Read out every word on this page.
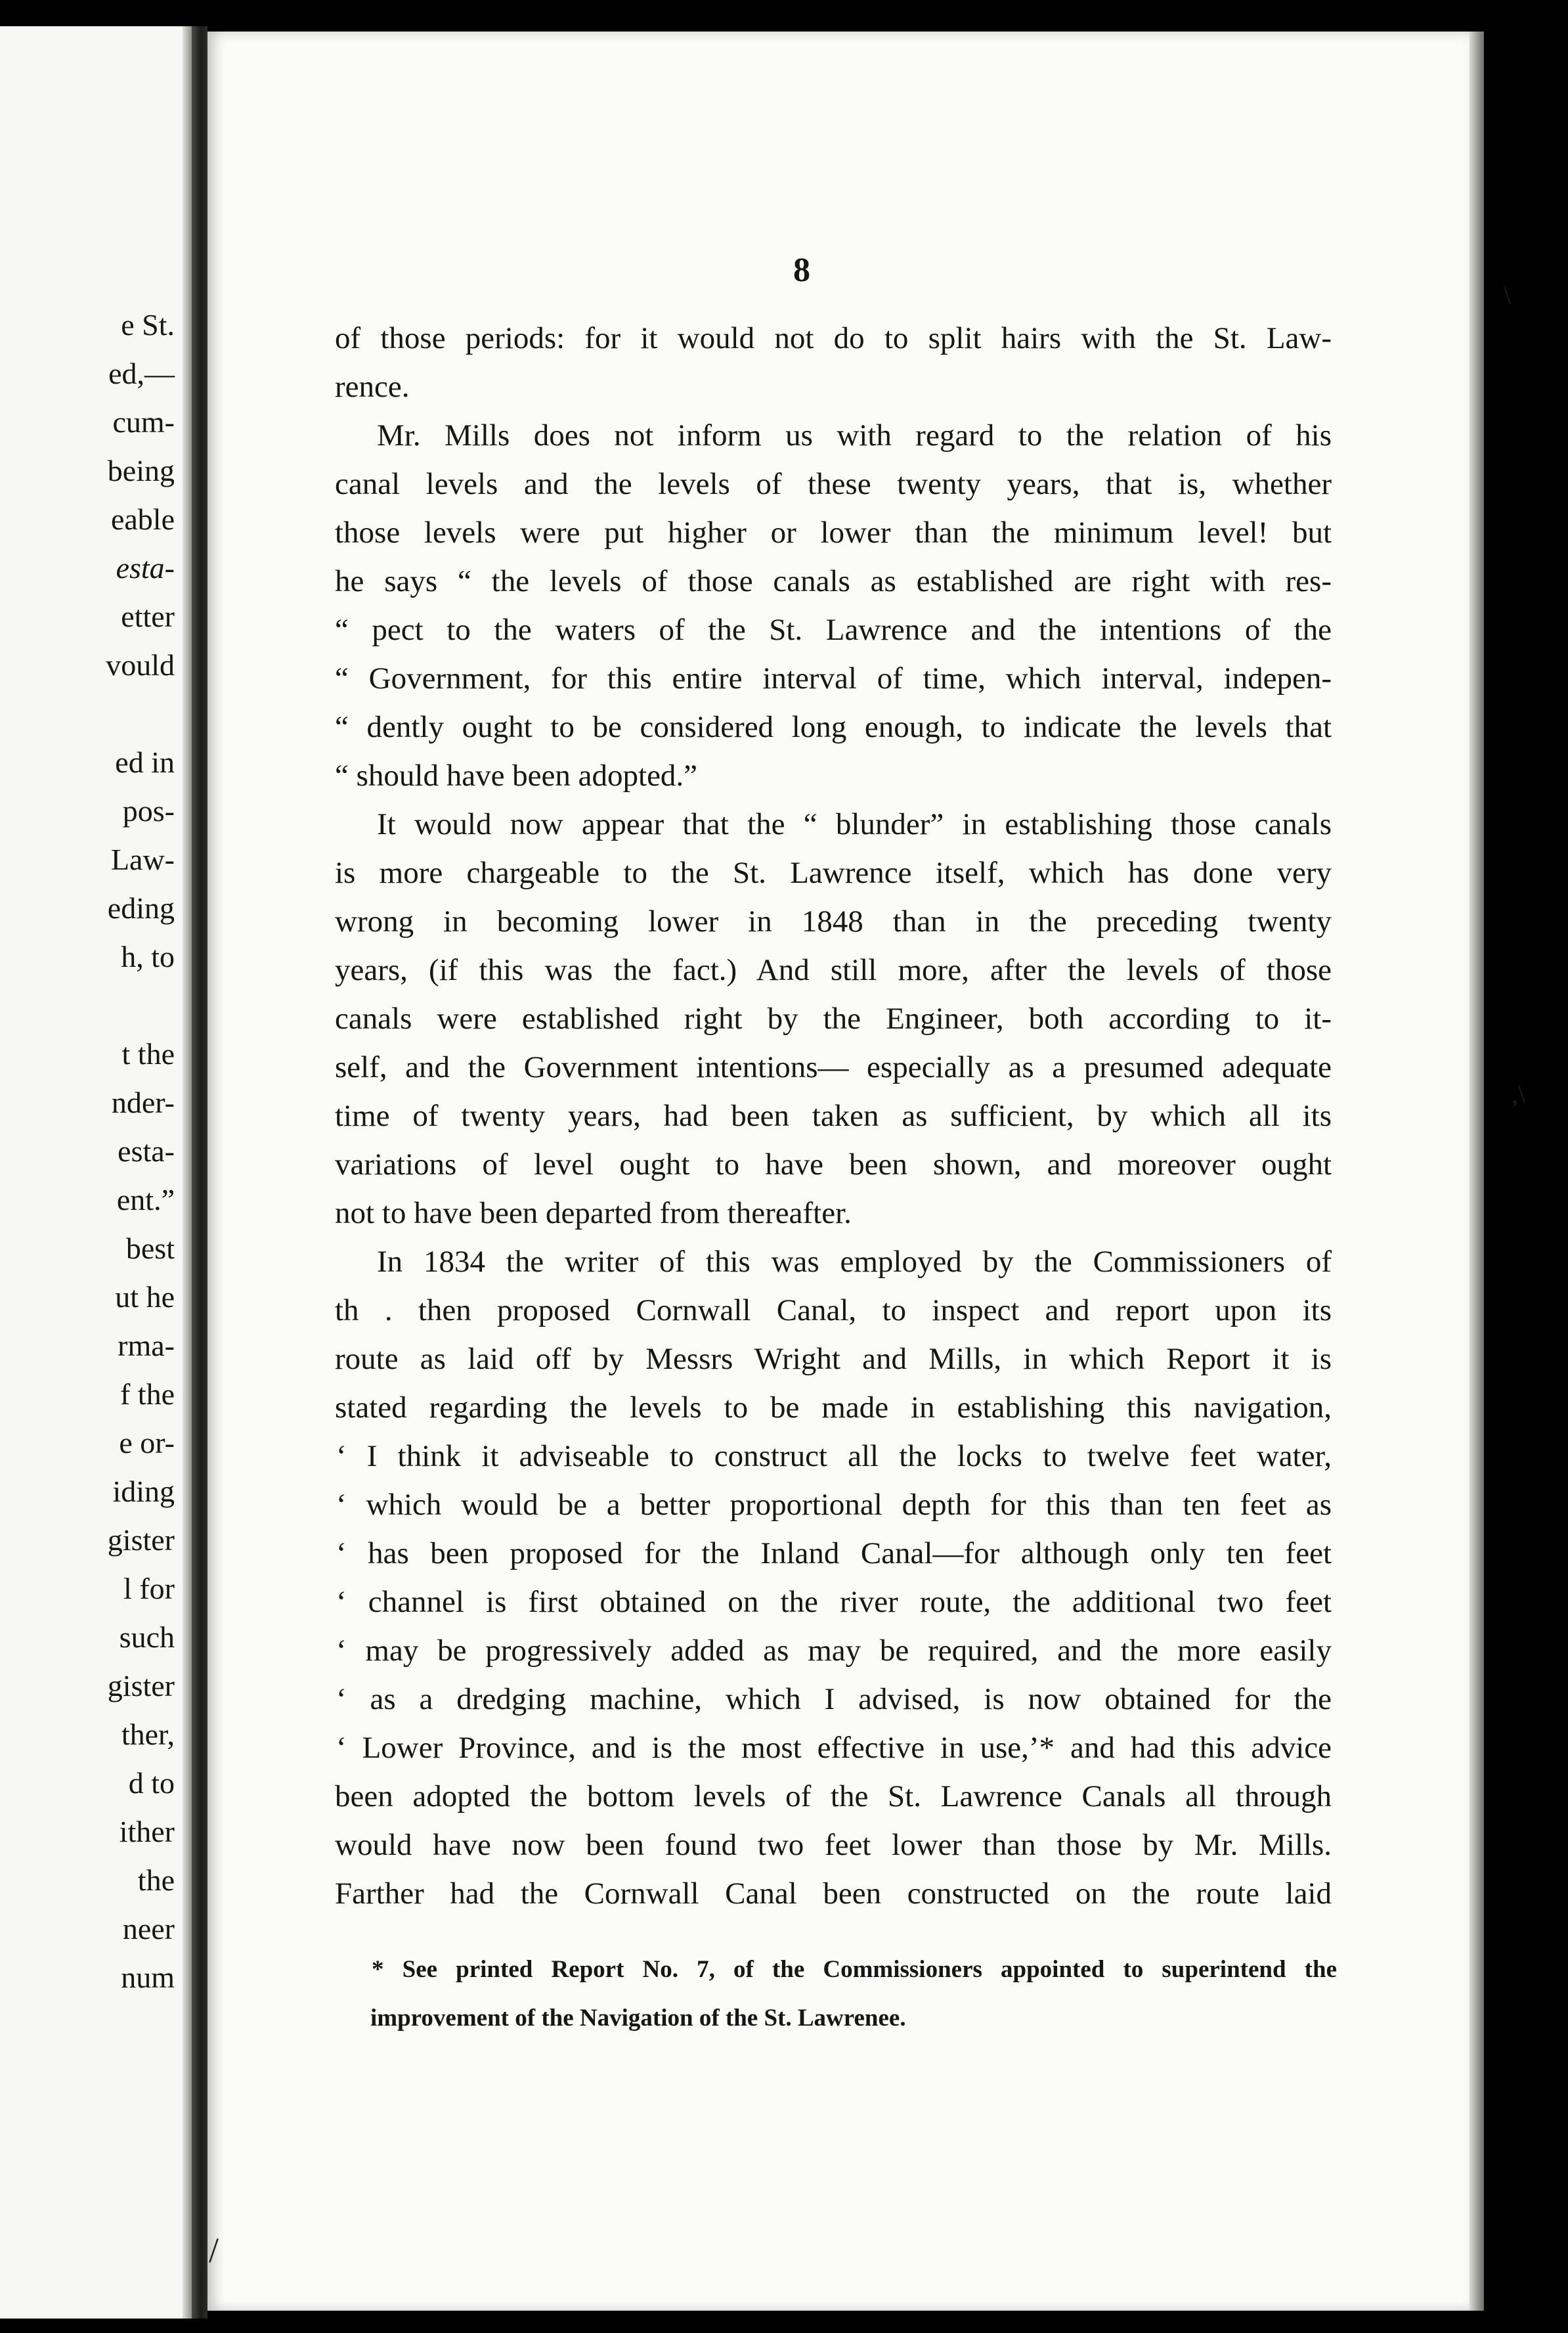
e St.
ed,—
cum-
being
eable
esta-
etter
vould
ed in
pos-
Law-
eding
h, to
t the
nder-
esta-
ent.”
best
ut he
rma-
f the
e or-
iding
gister
l for
such
gister
ther,
d to
ither
the
neer
num

8

of those periods: for it would not do to split hairs with the St. Law-
rence.
Mr. Mills does not inform us with regard to the relation of his
canal levels and the levels of these twenty years, that is, whether
those levels were put higher or lower than the minimum level! but
he says “ the levels of those canals as established are right with res-
“ pect to the waters of the St. Lawrence and the intentions of the
“ Government, for this entire interval of time, which interval, indepen-
“ dently ought to be considered long enough, to indicate the levels that
“ should have been adopted.”
It would now appear that the “ blunder” in establishing those canals
is more chargeable to the St. Lawrence itself, which has done very
wrong in becoming lower in 1848 than in the preceding twenty
years, (if this was the fact.) And still more, after the levels of those
canals were established right by the Engineer, both according to it-
self, and the Government intentions— especially as a presumed adequate
time of twenty years, had been taken as sufficient, by which all its
variations of level ought to have been shown, and moreover ought
not to have been departed from thereafter.
In 1834 the writer of this was employed by the Commissioners of
th . then proposed Cornwall Canal, to inspect and report upon its
route as laid off by Messrs Wright and Mills, in which Report it is
stated regarding the levels to be made in establishing this navigation,
‘ I think it adviseable to construct all the locks to twelve feet water,
‘ which would be a better proportional depth for this than ten feet as
‘ has been proposed for the Inland Canal—for although only ten feet
‘ channel is first obtained on the river route, the additional two feet
‘ may be progressively added as may be required, and the more easily
‘ as a dredging machine, which I advised, is now obtained for the
‘ Lower Province, and is the most effective in use,’* and had this advice
been adopted the bottom levels of the St. Lawrence Canals all through
would have now been found two feet lower than those by Mr. Mills.
Farther had the Cornwall Canal been constructed on the route laid
* See printed Report No. 7, of the Commissioners appointed to superintend the
improvement of the Navigation of the St. Lawrenee.
\
,\
/
